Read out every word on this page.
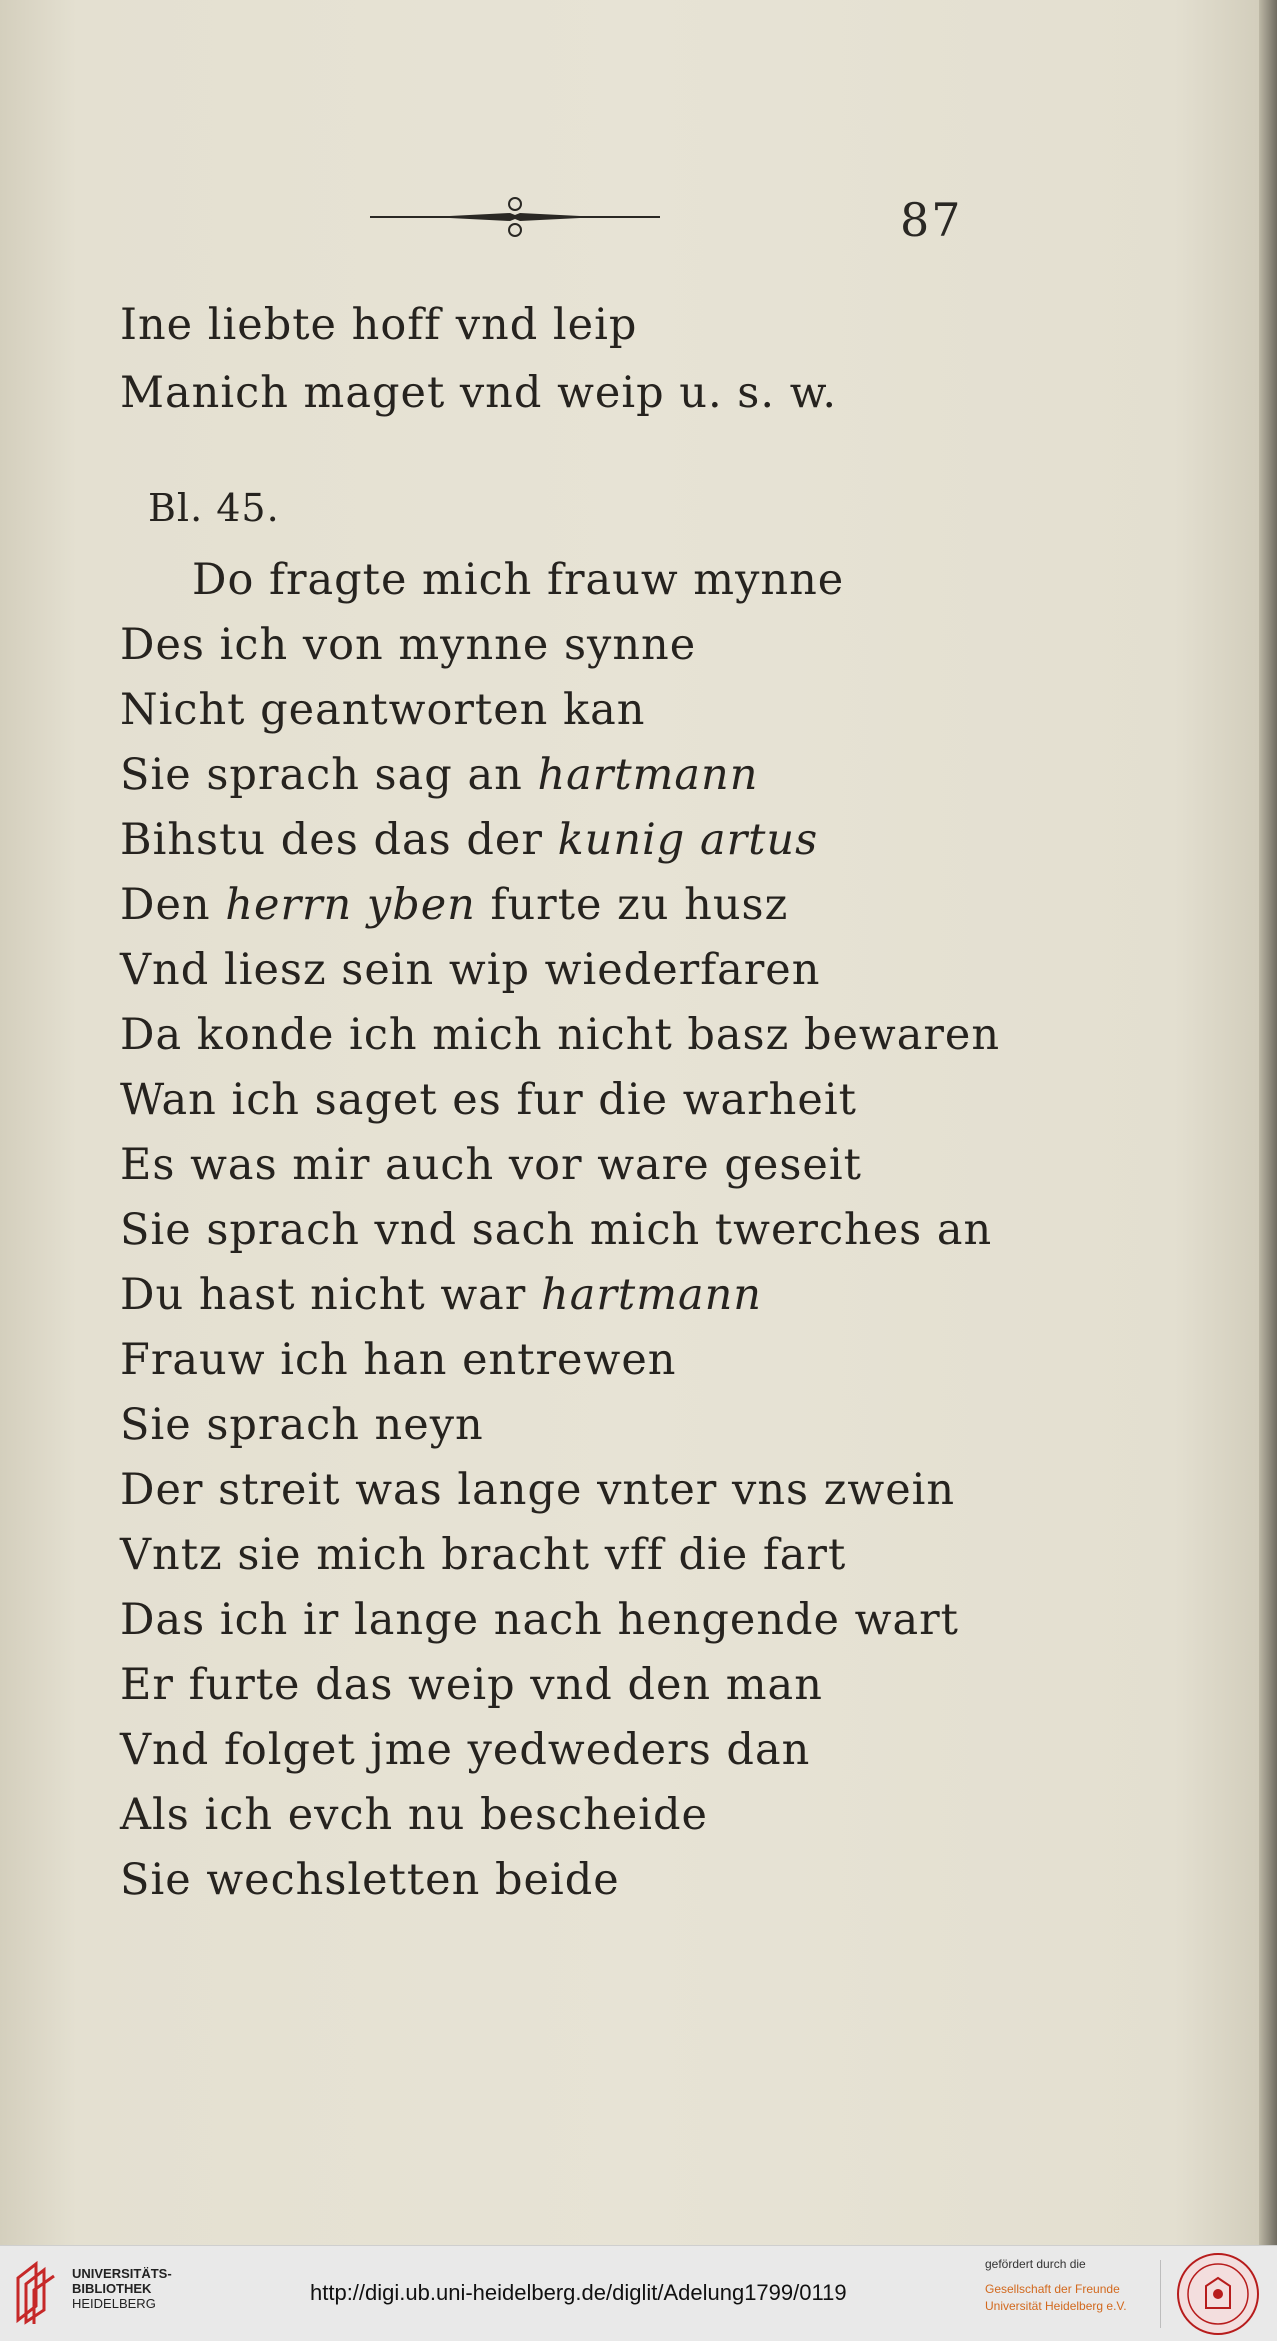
87
Ine liebte hoff vnd leip
Manich maget vnd weip u. s. w.
Bl. 45.
Do fragte mich frauw mynne
Des ich von mynne synne
Nicht geantworten kan
Sie sprach sag an hartmann
Bihstu des das der kunig artus
Den herrn yben furte zu husz
Vnd liesz sein wip wiederfaren
Da konde ich mich nicht basz bewaren
Wan ich saget es fur die warheit
Es was mir auch vor ware geseit
Sie sprach vnd sach mich twerches an
Du hast nicht war hartmann
Frauw ich han entrewen
Sie sprach neyn
Der streit was lange vnter vns zwein
Vntz sie mich bracht vff die fart
Das ich ir lange nach hengende wart
Er furte das weip vnd den man
Vnd folget jme yedweders dan
Als ich evch nu bescheide
Sie wechsletten beide
UNIVERSITÄTS-
BIBLIOTHEK
HEIDELBERG	http://digi.ub.uni-heidelberg.de/diglit/Adelung1799/0119
gefördert durch die
Gesellschaft der Freunde
Universität Heidelberg e.V.
